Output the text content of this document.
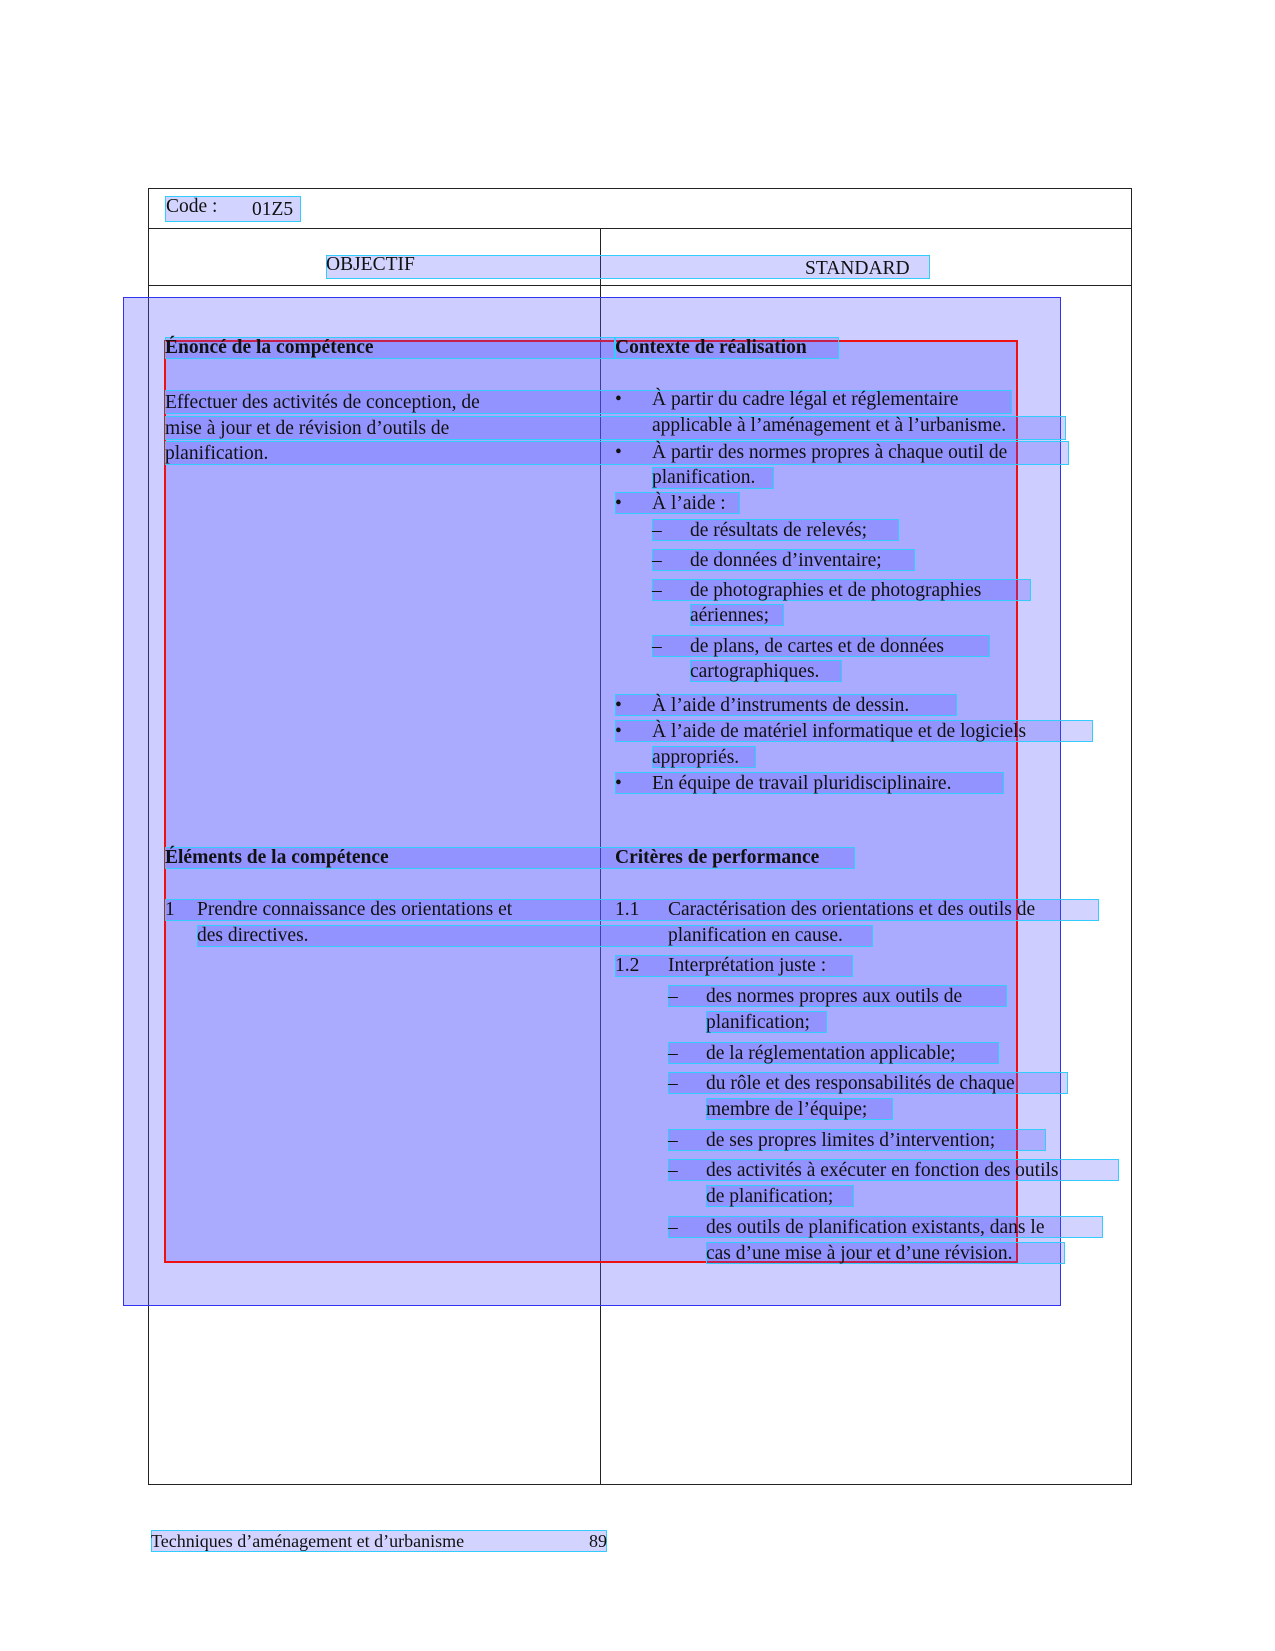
Code : 01Z5
OBJECTIF	STANDARD
Énoncé de la compétence
Effectuer des activités de conception, de
mise à jour et de révision d’outils de
planification.
Contexte de réalisation
• À partir du cadre légal et réglementaire
applicable à l’aménagement et à l’urbanisme.
• À partir des normes propres à chaque outil de
planification.
• À l’aide :
– de résultats de relevés;
– de données d’inventaire;
– de photographies et de photographies
aériennes;
– de plans, de cartes et de données
cartographiques.
• À l’aide d’instruments de dessin.
• À l’aide de matériel informatique et de logiciels
appropriés.
• En équipe de travail pluridisciplinaire.
Éléments de la compétence
1 Prendre connaissance des orientations et
des directives.
Critères de performance
1.1 Caractérisation des orientations et des outils de
planification en cause.
1.2 Interprétation juste :
– des normes propres aux outils de
planification;
– de la réglementation applicable;
– du rôle et des responsabilités de chaque
membre de l’équipe;
– de ses propres limites d’intervention;
– des activités à exécuter en fonction des outils
de planification;
– des outils de planification existants, dans le
cas d’une mise à jour et d’une révision.
Techniques d’aménagement et d’urbanisme	89
